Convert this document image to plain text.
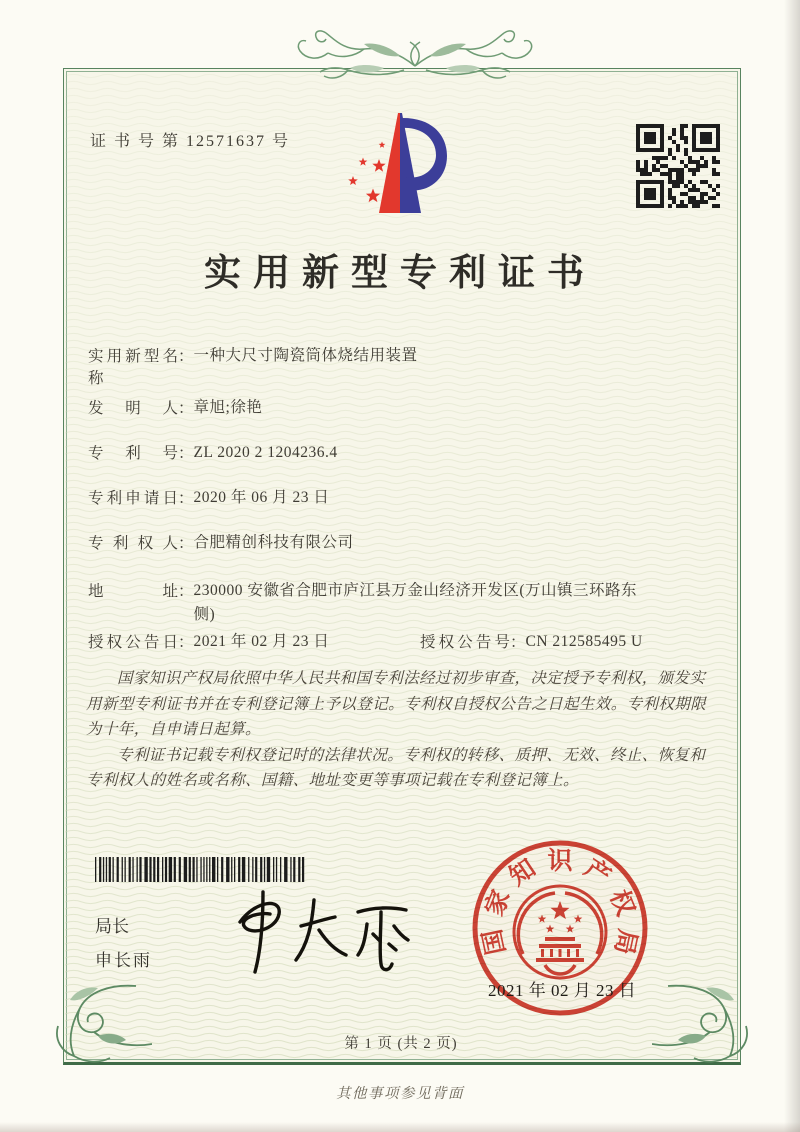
证 书 号 第 12571637 号
实用新型专利证书
实用新型名称
： 一种大尺寸陶瓷筒体烧结用装置
发明人 ： 章旭;徐艳
专利号 ： ZL 2020 2 1204236.4
专利申请日 ： 2020 年 06 月 23 日
专利权人 ： 合肥精创科技有限公司
地址 ： 230000 安徽省合肥市庐江县万金山经济开发区(万山镇三环路东侧)
授权公告日 ： 2021 年 02 月 23 日	授权公告号 ： CN 212585495 U

国家知识产权局依照中华人民共和国专利法经过初步审查，决定授予专利权，颁发实用新型专利证书并在专利登记簿上予以登记。专利权自授权公告之日起生效。专利权期限为十年，自申请日起算。

专利证书记载专利权登记时的法律状况。专利权的转移、质押、无效、终止、恢复和专利权人的姓名或名称、国籍、地址变更等事项记载在专利登记簿上。

局长
申长雨
国
家
知 识 产
权
局
2021 年 02 月 23 日
第 1 页 (共 2 页)
其他事项参见背面
